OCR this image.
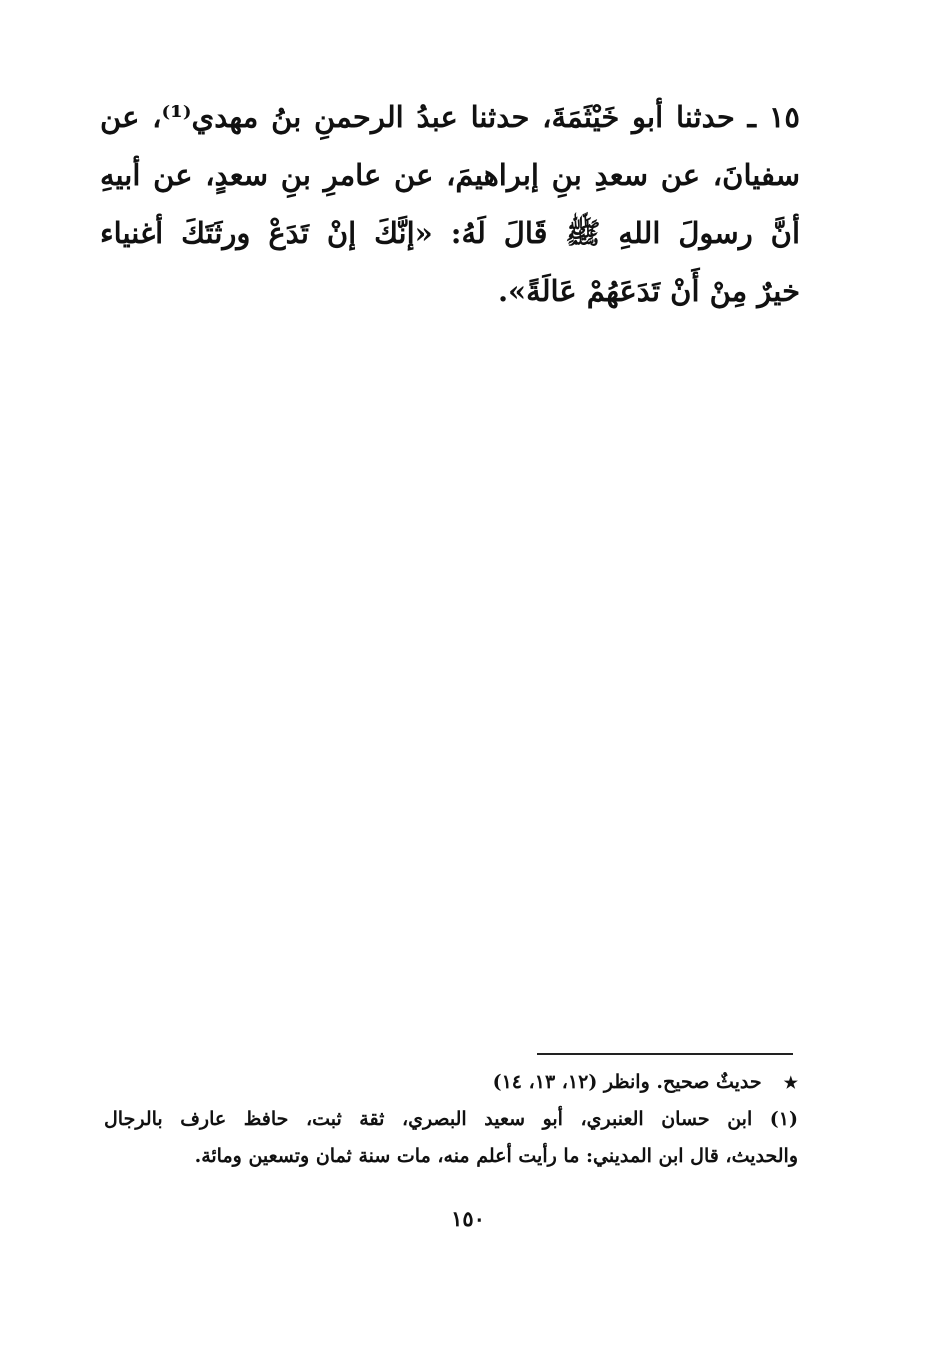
١٥ ـ حدثنا أبو خَيْثَمَةَ، حدثنا عبدُ الرحمنِ بنُ مهدي⁽¹⁾، عن
سفيانَ، عن سعدِ بنِ إبراهيمَ، عن عامرِ بنِ سعدٍ، عن أبيهِ
أنَّ رسولَ اللهِ ﷺ قَالَ لَهُ: «إنَّكَ إنْ تَدَعْ ورثَتَكَ أغنياء
خيرٌ مِنْ أَنْ تَدَعَهُمْ عَالَةً».
★حديثٌ صحيح. وانظر (١٢، ١٣، ١٤)
(١) ابن حسان العنبري، أبو سعيد البصري، ثقة ثبت، حافظ عارف بالرجال
والحديث، قال ابن المديني: ما رأيت أعلم منه، مات سنة ثمان وتسعين ومائة.
١٥٠
